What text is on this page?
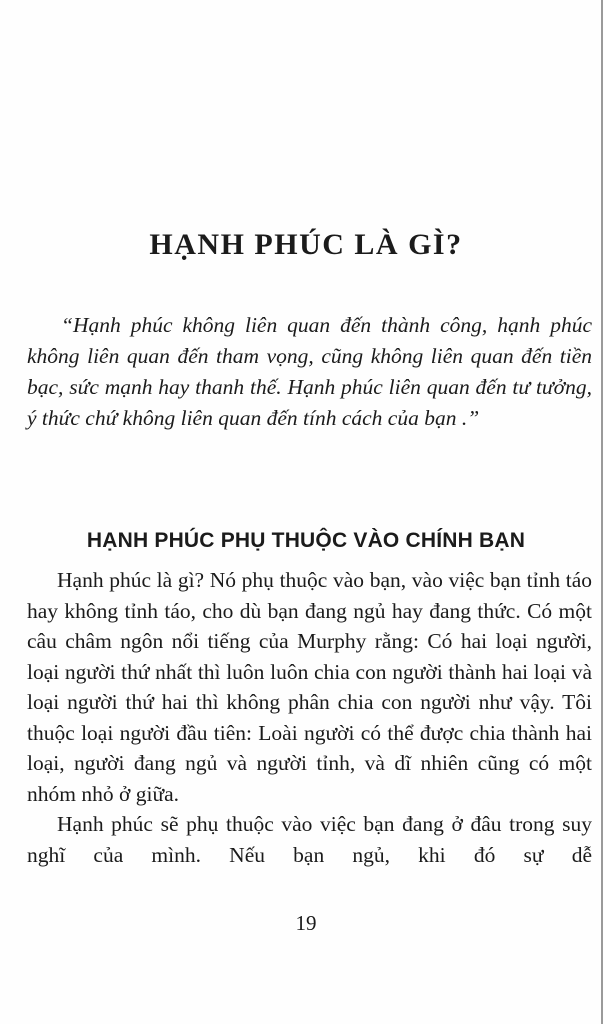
HẠNH PHÚC LÀ GÌ?
“Hạnh phúc không liên quan đến thành công, hạnh phúc không liên quan đến tham vọng, cũng không liên quan đến tiền bạc, sức mạnh hay thanh thế. Hạnh phúc liên quan đến tư tưởng, ý thức chứ không liên quan đến tính cách của bạn .”
HẠNH PHÚC PHỤ THUỘC VÀO CHÍNH BẠN

Hạnh phúc là gì? Nó phụ thuộc vào bạn, vào việc bạn tỉnh táo hay không tỉnh táo, cho dù bạn đang ngủ hay đang thức. Có một câu châm ngôn nổi tiếng của Murphy rằng: Có hai loại người, loại người thứ nhất thì luôn luôn chia con người thành hai loại và loại người thứ hai thì không phân chia con người như vậy. Tôi thuộc loại người đầu tiên: Loài người có thể được chia thành hai loại, người đang ngủ và người tỉnh, và dĩ nhiên cũng có một nhóm nhỏ ở giữa.

Hạnh phúc sẽ phụ thuộc vào việc bạn đang ở đâu trong suy nghĩ của mình. Nếu bạn ngủ, khi đó sự dễ

19
